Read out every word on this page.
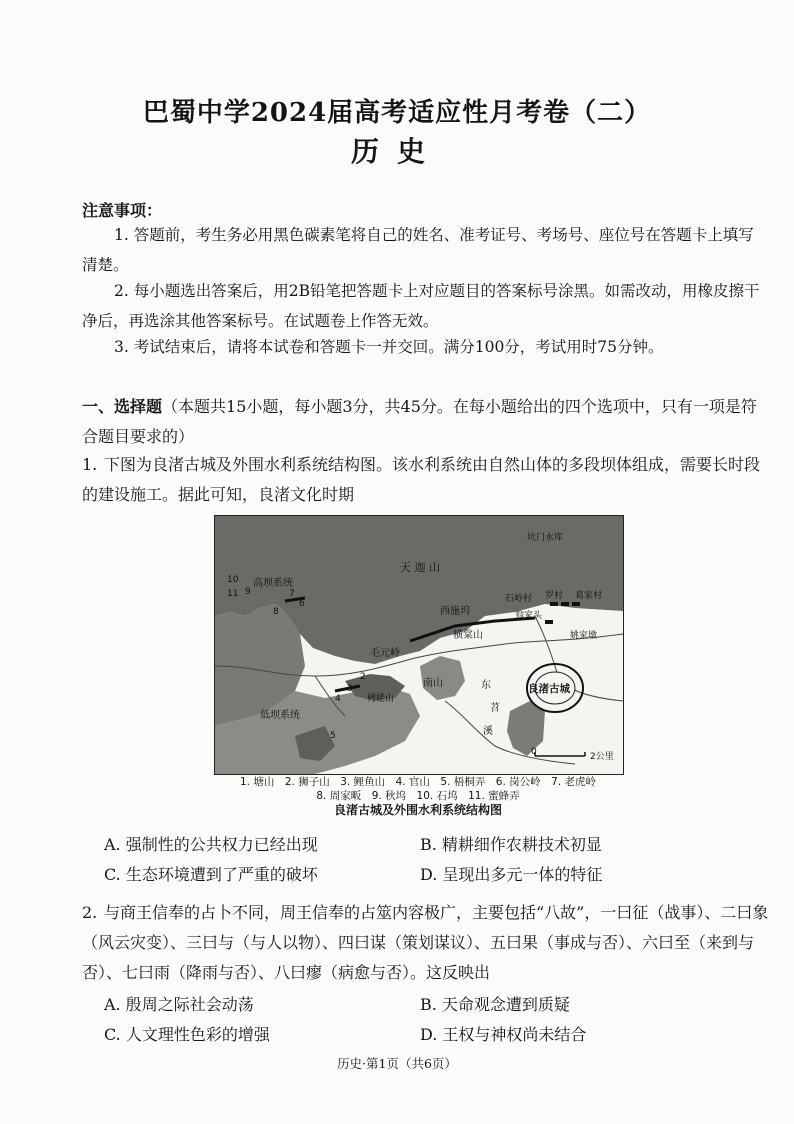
巴蜀中学2024届高考适应性月考卷（二）
历史
注意事项：
1. 答题前，考生务必用黑色碳素笔将自己的姓名、准考证号、考场号、座位号在答题卡上填写清楚。
2. 每小题选出答案后，用2B铅笔把答题卡上对应题目的答案标号涂黑。如需改动，用橡皮擦干净后，再选涂其他答案标号。在试题卷上作答无效。
3. 考试结束后，请将本试卷和答题卡一并交回。满分100分，考试用时75分钟。
一、选择题（本题共15小题，每小题3分，共45分。在每小题给出的四个选项中，只有一项是符合题目要求的）
1. 下图为良渚古城及外围水利系统结构图。该水利系统由自然山体的多段坝体组成，需要长时段的建设施工。据此可知，良渚文化时期
天 迦 山
高坝系统
低坝系统
西施坞
横棠山
毛元岭
南山
石岭村 罗村 葛家村
翁家头
姚家墩
良渚古城
东
苕
溪
坑门水库
栲栳山
0	2公里
2
3
4
5
6
7
8
9
10
11
1. 塘山　2. 狮子山　3. 鲤鱼山　4. 官山　5. 梧桐弄　6. 岗公岭　7. 老虎岭
8. 周家畈　9. 秋坞　10. 石坞　11. 蜜蜂弄
良渚古城及外围水利系统结构图
A. 强制性的公共权力已经出现	B. 精耕细作农耕技术初显
C. 生态环境遭到了严重的破坏	D. 呈现出多元一体的特征
2. 与商王信奉的占卜不同，周王信奉的占筮内容极广，主要包括“八故”，一曰征（战事）、二曰象（风云灾变）、三曰与（与人以物）、四曰谋（策划谋议）、五曰果（事成与否）、六曰至（来到与否）、七曰雨（降雨与否）、八曰瘳（病愈与否）。这反映出
A. 殷周之际社会动荡	B. 天命观念遭到质疑
C. 人文理性色彩的增强	D. 王权与神权尚未结合
历史·第1页（共6页）
